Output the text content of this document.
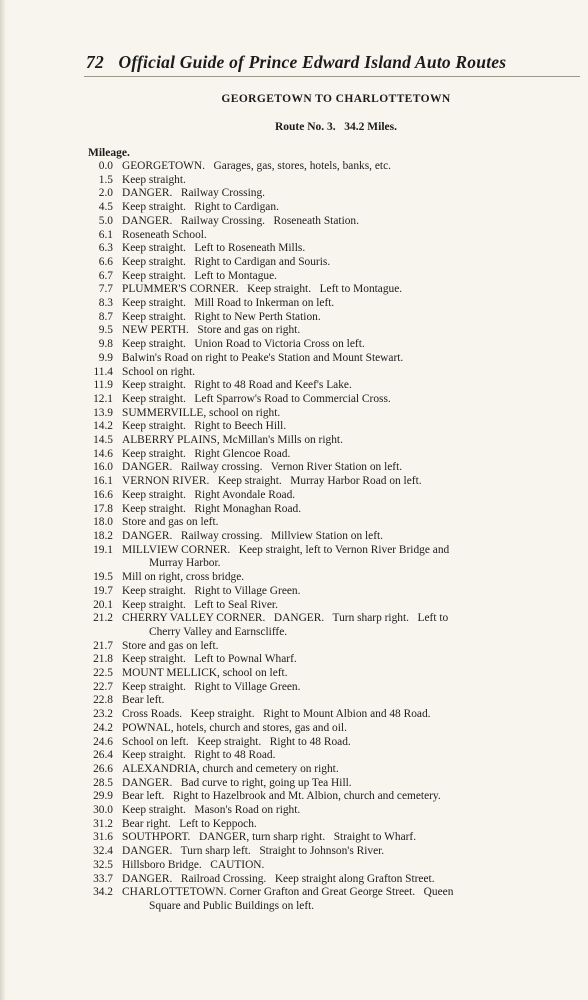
72 Official Guide of Prince Edward Island Auto Routes
GEORGETOWN TO CHARLOTTETOWN
Route No. 3.   34.2 Miles.
Mileage.
0.0 GEORGETOWN.   Garages, gas, stores, hotels, banks, etc.
1.5 Keep straight.
2.0 DANGER.   Railway Crossing.
4.5 Keep straight.   Right to Cardigan.
5.0 DANGER.   Railway Crossing.   Roseneath Station.
6.1 Roseneath School.
6.3 Keep straight.   Left to Roseneath Mills.
6.6 Keep straight.   Right to Cardigan and Souris.
6.7 Keep straight.   Left to Montague.
7.7 PLUMMER'S CORNER.   Keep straight.   Left to Montague.
8.3 Keep straight.   Mill Road to Inkerman on left.
8.7 Keep straight.   Right to New Perth Station.
9.5 NEW PERTH.   Store and gas on right.
9.8 Keep straight.   Union Road to Victoria Cross on left.
9.9 Balwin's Road on right to Peake's Station and Mount Stewart.
11.4 School on right.
11.9 Keep straight.   Right to 48 Road and Keef's Lake.
12.1 Keep straight.   Left Sparrow's Road to Commercial Cross.
13.9 SUMMERVILLE, school on right.
14.2 Keep straight.   Right to Beech Hill.
14.5 ALBERRY PLAINS, McMillan's Mills on right.
14.6 Keep straight.   Right Glencoe Road.
16.0 DANGER.   Railway crossing.   Vernon River Station on left.
16.1 VERNON RIVER.   Keep straight.   Murray Harbor Road on left.
16.6 Keep straight.   Right Avondale Road.
17.8 Keep straight.   Right Monaghan Road.
18.0 Store and gas on left.
18.2 DANGER.   Railway crossing.   Millview Station on left.
19.1 MILLVIEW CORNER.   Keep straight, left to Vernon River Bridge and
Murray Harbor.
19.5 Mill on right, cross bridge.
19.7 Keep straight.   Right to Village Green.
20.1 Keep straight.   Left to Seal River.
21.2 CHERRY VALLEY CORNER.   DANGER.   Turn sharp right.   Left to
Cherry Valley and Earnscliffe.
21.7 Store and gas on left.
21.8 Keep straight.   Left to Pownal Wharf.
22.5 MOUNT MELLICK, school on left.
22.7 Keep straight.   Right to Village Green.
22.8 Bear left.
23.2 Cross Roads.   Keep straight.   Right to Mount Albion and 48 Road.
24.2 POWNAL, hotels, church and stores, gas and oil.
24.6 School on left.   Keep straight.   Right to 48 Road.
26.4 Keep straight.   Right to 48 Road.
26.6 ALEXANDRIA, church and cemetery on right.
28.5 DANGER.   Bad curve to right, going up Tea Hill.
29.9 Bear left.   Right to Hazelbrook and Mt. Albion, church and cemetery.
30.0 Keep straight.   Mason's Road on right.
31.2 Bear right.   Left to Keppoch.
31.6 SOUTHPORT.   DANGER, turn sharp right.   Straight to Wharf.
32.4 DANGER.   Turn sharp left.   Straight to Johnson's River.
32.5 Hillsboro Bridge.   CAUTION.
33.7 DANGER.   Railroad Crossing.   Keep straight along Grafton Street.
34.2 CHARLOTTETOWN. Corner Grafton and Great George Street.   Queen
Square and Public Buildings on left.
